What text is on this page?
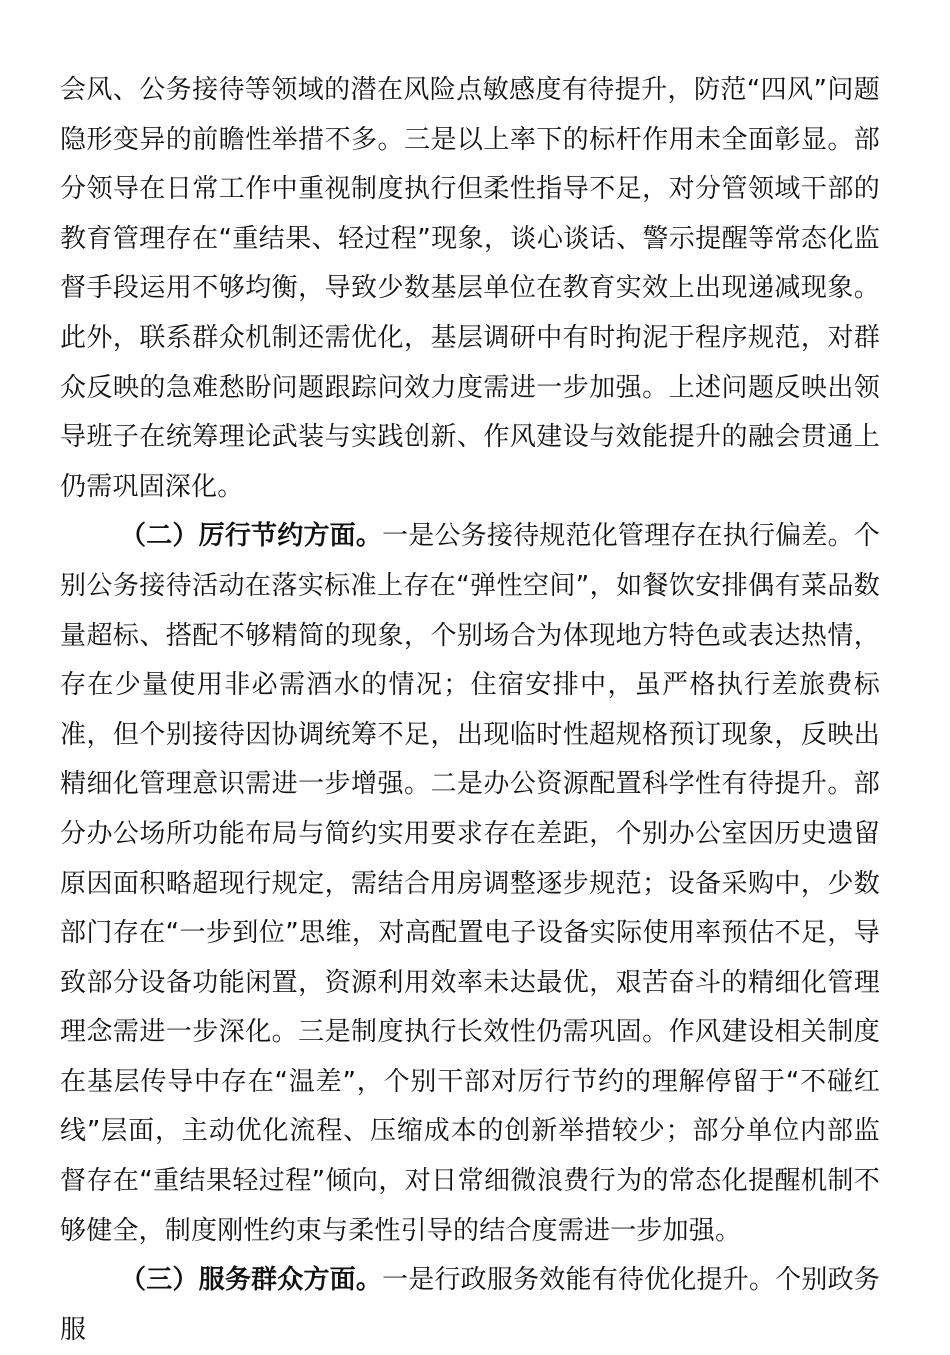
会风、公务接待等领域的潜在风险点敏感度有待提升，防范“四风”问题隐形变异的前瞻性举措不多。三是以上率下的标杆作用未全面彰显。部分领导在日常工作中重视制度执行但柔性指导不足，对分管领域干部的教育管理存在“重结果、轻过程”现象，谈心谈话、警示提醒等常态化监督手段运用不够均衡，导致少数基层单位在教育实效上出现递减现象。此外，联系群众机制还需优化，基层调研中有时拘泥于程序规范，对群众反映的急难愁盼问题跟踪问效力度需进一步加强。上述问题反映出领导班子在统筹理论武装与实践创新、作风建设与效能提升的融会贯通上仍需巩固深化。

（二）厉行节约方面。一是公务接待规范化管理存在执行偏差。个别公务接待活动在落实标准上存在“弹性空间”，如餐饮安排偶有菜品数量超标、搭配不够精简的现象，个别场合为体现地方特色或表达热情，存在少量使用非必需酒水的情况；住宿安排中，虽严格执行差旅费标准，但个别接待因协调统筹不足，出现临时性超规格预订现象，反映出精细化管理意识需进一步增强。二是办公资源配置科学性有待提升。部分办公场所功能布局与简约实用要求存在差距，个别办公室因历史遗留原因面积略超现行规定，需结合用房调整逐步规范；设备采购中，少数部门存在“一步到位”思维，对高配置电子设备实际使用率预估不足，导致部分设备功能闲置，资源利用效率未达最优，艰苦奋斗的精细化管理理念需进一步深化。三是制度执行长效性仍需巩固。作风建设相关制度在基层传导中存在“温差”，个别干部对厉行节约的理解停留于“不碰红线”层面，主动优化流程、压缩成本的创新举措较少；部分单位内部监督存在“重结果轻过程”倾向，对日常细微浪费行为的常态化提醒机制不够健全，制度刚性约束与柔性引导的结合度需进一步加强。

（三）服务群众方面。一是行政服务效能有待优化提升。个别政务服
